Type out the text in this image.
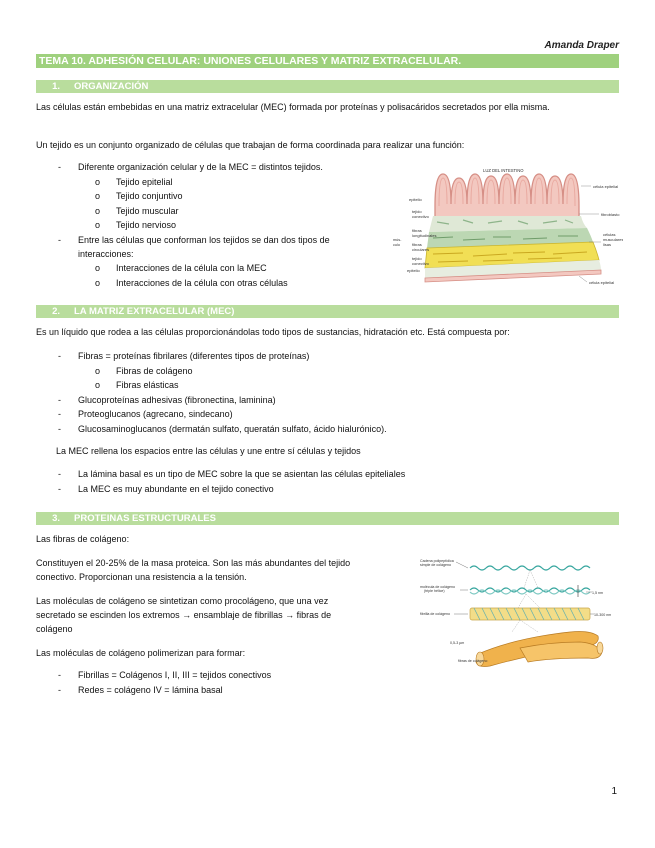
Amanda Draper
TEMA 10. ADHESIÓN CELULAR: UNIONES CELULARES Y MATRIZ EXTRACELULAR.
1. ORGANIZACIÓN
Las células están embebidas en una matriz extracelular (MEC) formada por proteínas y polisacáridos secretados por ella misma.
Un tejido es un conjunto organizado de células que trabajan de forma coordinada para realizar una función:
- Diferente organización celular y de la MEC = distintos tejidos.
o Tejido epitelial
o Tejido conjuntivo
o Tejido muscular
o Tejido nervioso
- Entre las células que conforman los tejidos se dan dos tipos de
interacciones:
o Interacciones de la célula con la MEC
o Interacciones de la célula con otras células
LUZ DEL INTESTINO
epitelio
tejido
conectivo
fibras
longitudinales
fibras
circulares
tejido
conectivo
epitelio
mús-
culo
célula epitelial
fibroblasto
células
musculares
lisas
célula epitelial
2. LA MATRIZ EXTRACELULAR (MEC)
Es un líquido que rodea a las células proporcionándolas todo tipos de sustancias, hidratación etc. Está compuesta por:
- Fibras = proteínas fibrilares (diferentes tipos de proteínas)
o Fibras de colágeno
o Fibras elásticas
- Glucoproteínas adhesivas (fibronectina, laminina)
- Proteoglucanos (agrecano, sindecano)
- Glucosaminoglucanos (dermatán sulfato, queratán sulfato, ácido hialurónico).
La MEC rellena los espacios entre las células y une entre sí células y tejidos
- La lámina basal es un tipo de MEC sobre la que se asientan las células epiteliales
- La MEC es muy abundante en el tejido conectivo
3. PROTEINAS ESTRUCTURALES
Las fibras de colágeno:
Constituyen el 20-25% de la masa proteica. Son las más abundantes del tejido
conectivo. Proporcionan una resistencia a la tensión.
Las moléculas de colágeno se sintetizan como procolágeno, que una vez
secretado se escinden los extremos → ensamblaje de fibrillas → fibras de
colágeno
Las moléculas de colágeno polimerizan para formar:
- Fibrillas = Colágenos I, II, III = tejidos conectivos
- Redes = colágeno IV = lámina basal
Cadena polipeptídica
simple de colágeno
molécula de colágeno
(triple hélice)
fibrilla de colágeno
fibras de colágeno
1,5 nm
10-300 nm
0,5-3 µm
1
